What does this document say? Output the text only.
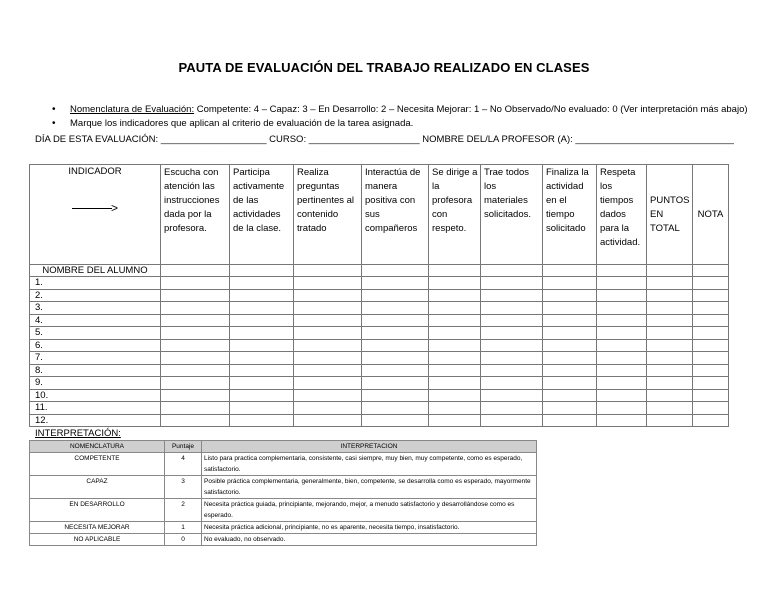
PAUTA DE EVALUACIÓN DEL TRABAJO REALIZADO EN CLASES
• Nomenclatura de Evaluación: Competente: 4 – Capaz: 3 – En Desarrollo: 2 – Necesita Mejorar: 1 – No Observado/No evaluado: 0 (Ver interpretación más abajo)
• Marque los indicadores que aplican al criterio de evaluación de la tarea asignada.
DÍA DE ESTA EVALUACIÓN: ____________________ CURSO: _____________________ NOMBRE DEL/LA PROFESOR (A): ______________________________
INDICADOR
>	Escucha con atención las instrucciones dada por la profesora.	Participa activamente de las actividades de la clase.	Realiza preguntas pertinentes al contenido tratado	Interactúa de manera positiva con sus compañeros	Se dirige a la profesora con respeto.	Trae todos los materiales solicitados.	Finaliza la actividad en el tiempo solicitado	Respeta los tiempos dados para la actividad.	PUNTOS EN TOTAL	NOTA
NOMBRE DEL ALUMNO										
1.										
2.										
3.										
4.										
5.										
6.										
7.										
8.										
9.										
10.										
11.										
12.										
INTERPRETACIÓN:
NOMENCLATURA	Puntaje	INTERPRETACION
COMPETENTE	4	Listo para practica complementaria, consistente, casi siempre, muy bien, muy competente, como es esperado, satisfactorio.
CAPAZ	3	Posible práctica complementaria, generalmente, bien, competente, se desarrolla como es esperado, mayormente satisfactorio.
EN DESARROLLO	2	Necesita práctica guiada, principiante, mejorando, mejor, a menudo satisfactorio y desarrollándose como es esperado.
NECESITA MEJORAR	1	Necesita práctica adicional, principiante, no es aparente, necesita tiempo, insatisfactorio.
NO APLICABLE	0	No evaluado, no observado.
